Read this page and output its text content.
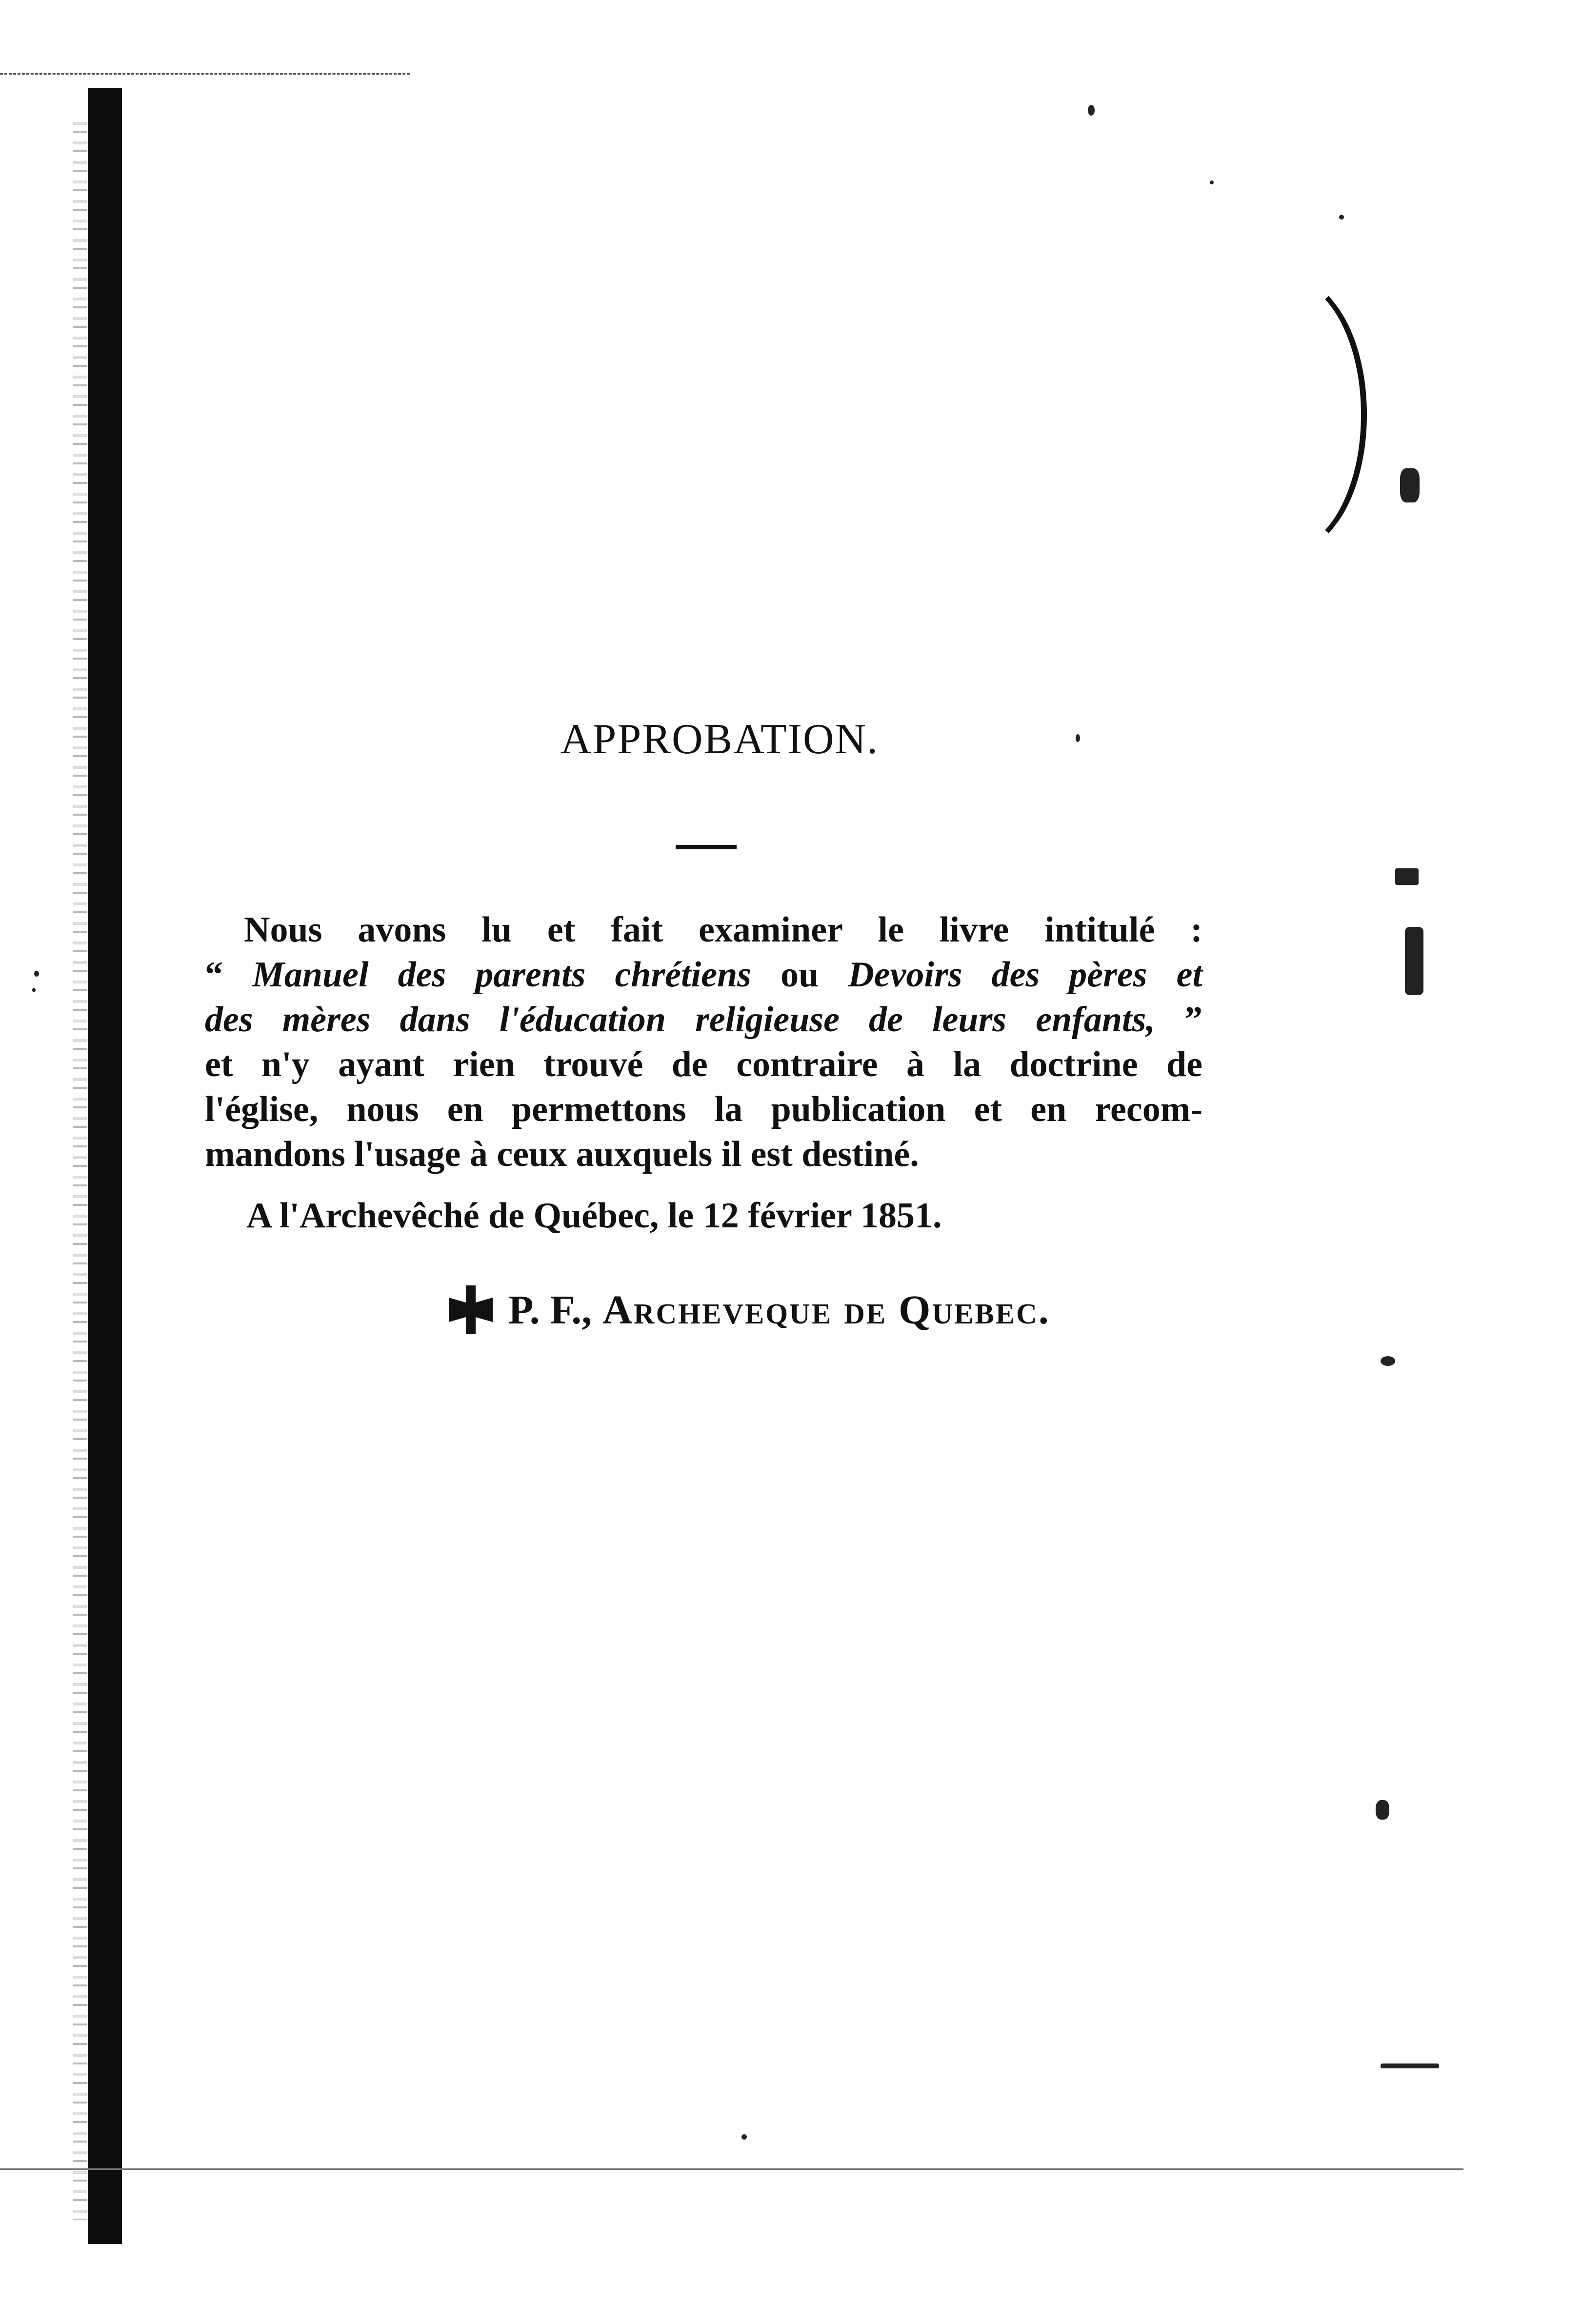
APPROBATION.
Nous avons lu et fait examiner le livre intitulé :
“ Manuel des parents chrétiens ou Devoirs des pères et
des mères dans l'éducation religieuse de leurs enfants, ”
et n'y ayant rien trouvé de contraire à la doctrine de
l'église, nous en permettons la publication et en recom-
mandons l'usage à ceux auxquels il est destiné.
A l'Archevêché de Québec, le 12 février 1851.
P. F., Archeveque de Quebec.
